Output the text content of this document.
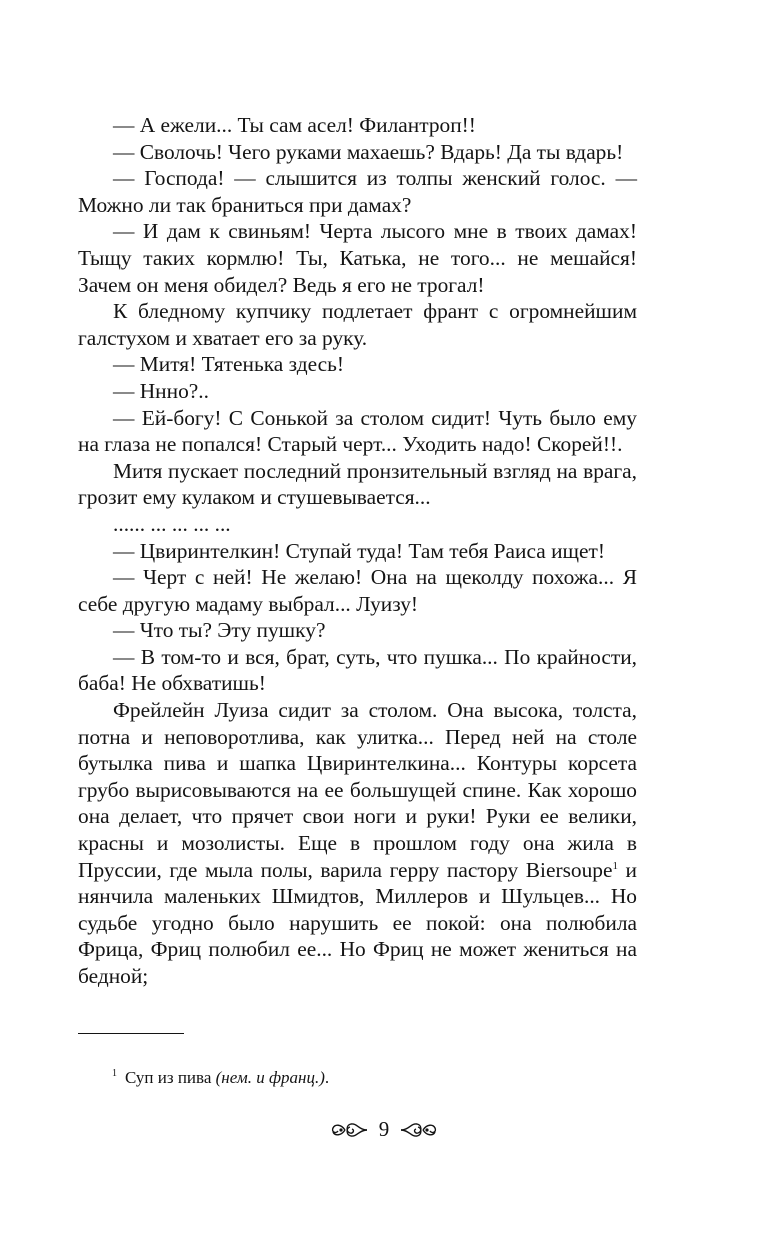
— А ежели... Ты сам асел! Филантроп!!

— Сволочь! Чего руками махаешь? Вдарь! Да ты вдарь!

— Господа! — слышится из толпы женский голос. — Можно ли так браниться при дамах?

— И дам к свиньям! Черта лысого мне в твоих дамах! Тыщу таких кормлю! Ты, Катька, не того... не мешайся! Зачем он меня обидел? Ведь я его не трогал!

К бледному купчику подлетает франт с огромнейшим галстухом и хватает его за руку.

— Митя! Тятенька здесь!

— Ннно?..

— Ей-богу! С Сонькой за столом сидит! Чуть было ему на глаза не попался! Старый черт... Уходить надо! Скорей!!.

Митя пускает последний пронзительный взгляд на врага, грозит ему кулаком и стушевывается...

...... ... ... ... ...

— Цвиринтелкин! Ступай туда! Там тебя Раиса ищет!

— Черт с ней! Не желаю! Она на щеколду похожа... Я себе другую мадаму выбрал... Луизу!

— Что ты? Эту пушку?

— В том-то и вся, брат, суть, что пушка... По крайности, баба! Не обхватишь!

Фрейлейн Луиза сидит за столом. Она высока, толста, потна и неповоротлива, как улитка... Перед ней на столе бутылка пива и шапка Цвиринтелкина... Контуры корсета грубо вырисовываются на ее большущей спине. Как хорошо она делает, что прячет свои ноги и руки! Руки ее велики, красны и мозолисты. Еще в прошлом году она жила в Пруссии, где мыла полы, варила герру пастору Biersoupe$^1$ и нянчила маленьких Шмидтов, Миллеров и Шульцев... Но судьбе угодно было нарушить ее покой: она полюбила Фрица, Фриц полюбил ее... Но Фриц не может жениться на бедной;

$^1$ Суп из пива (нем. и франц.).
9
